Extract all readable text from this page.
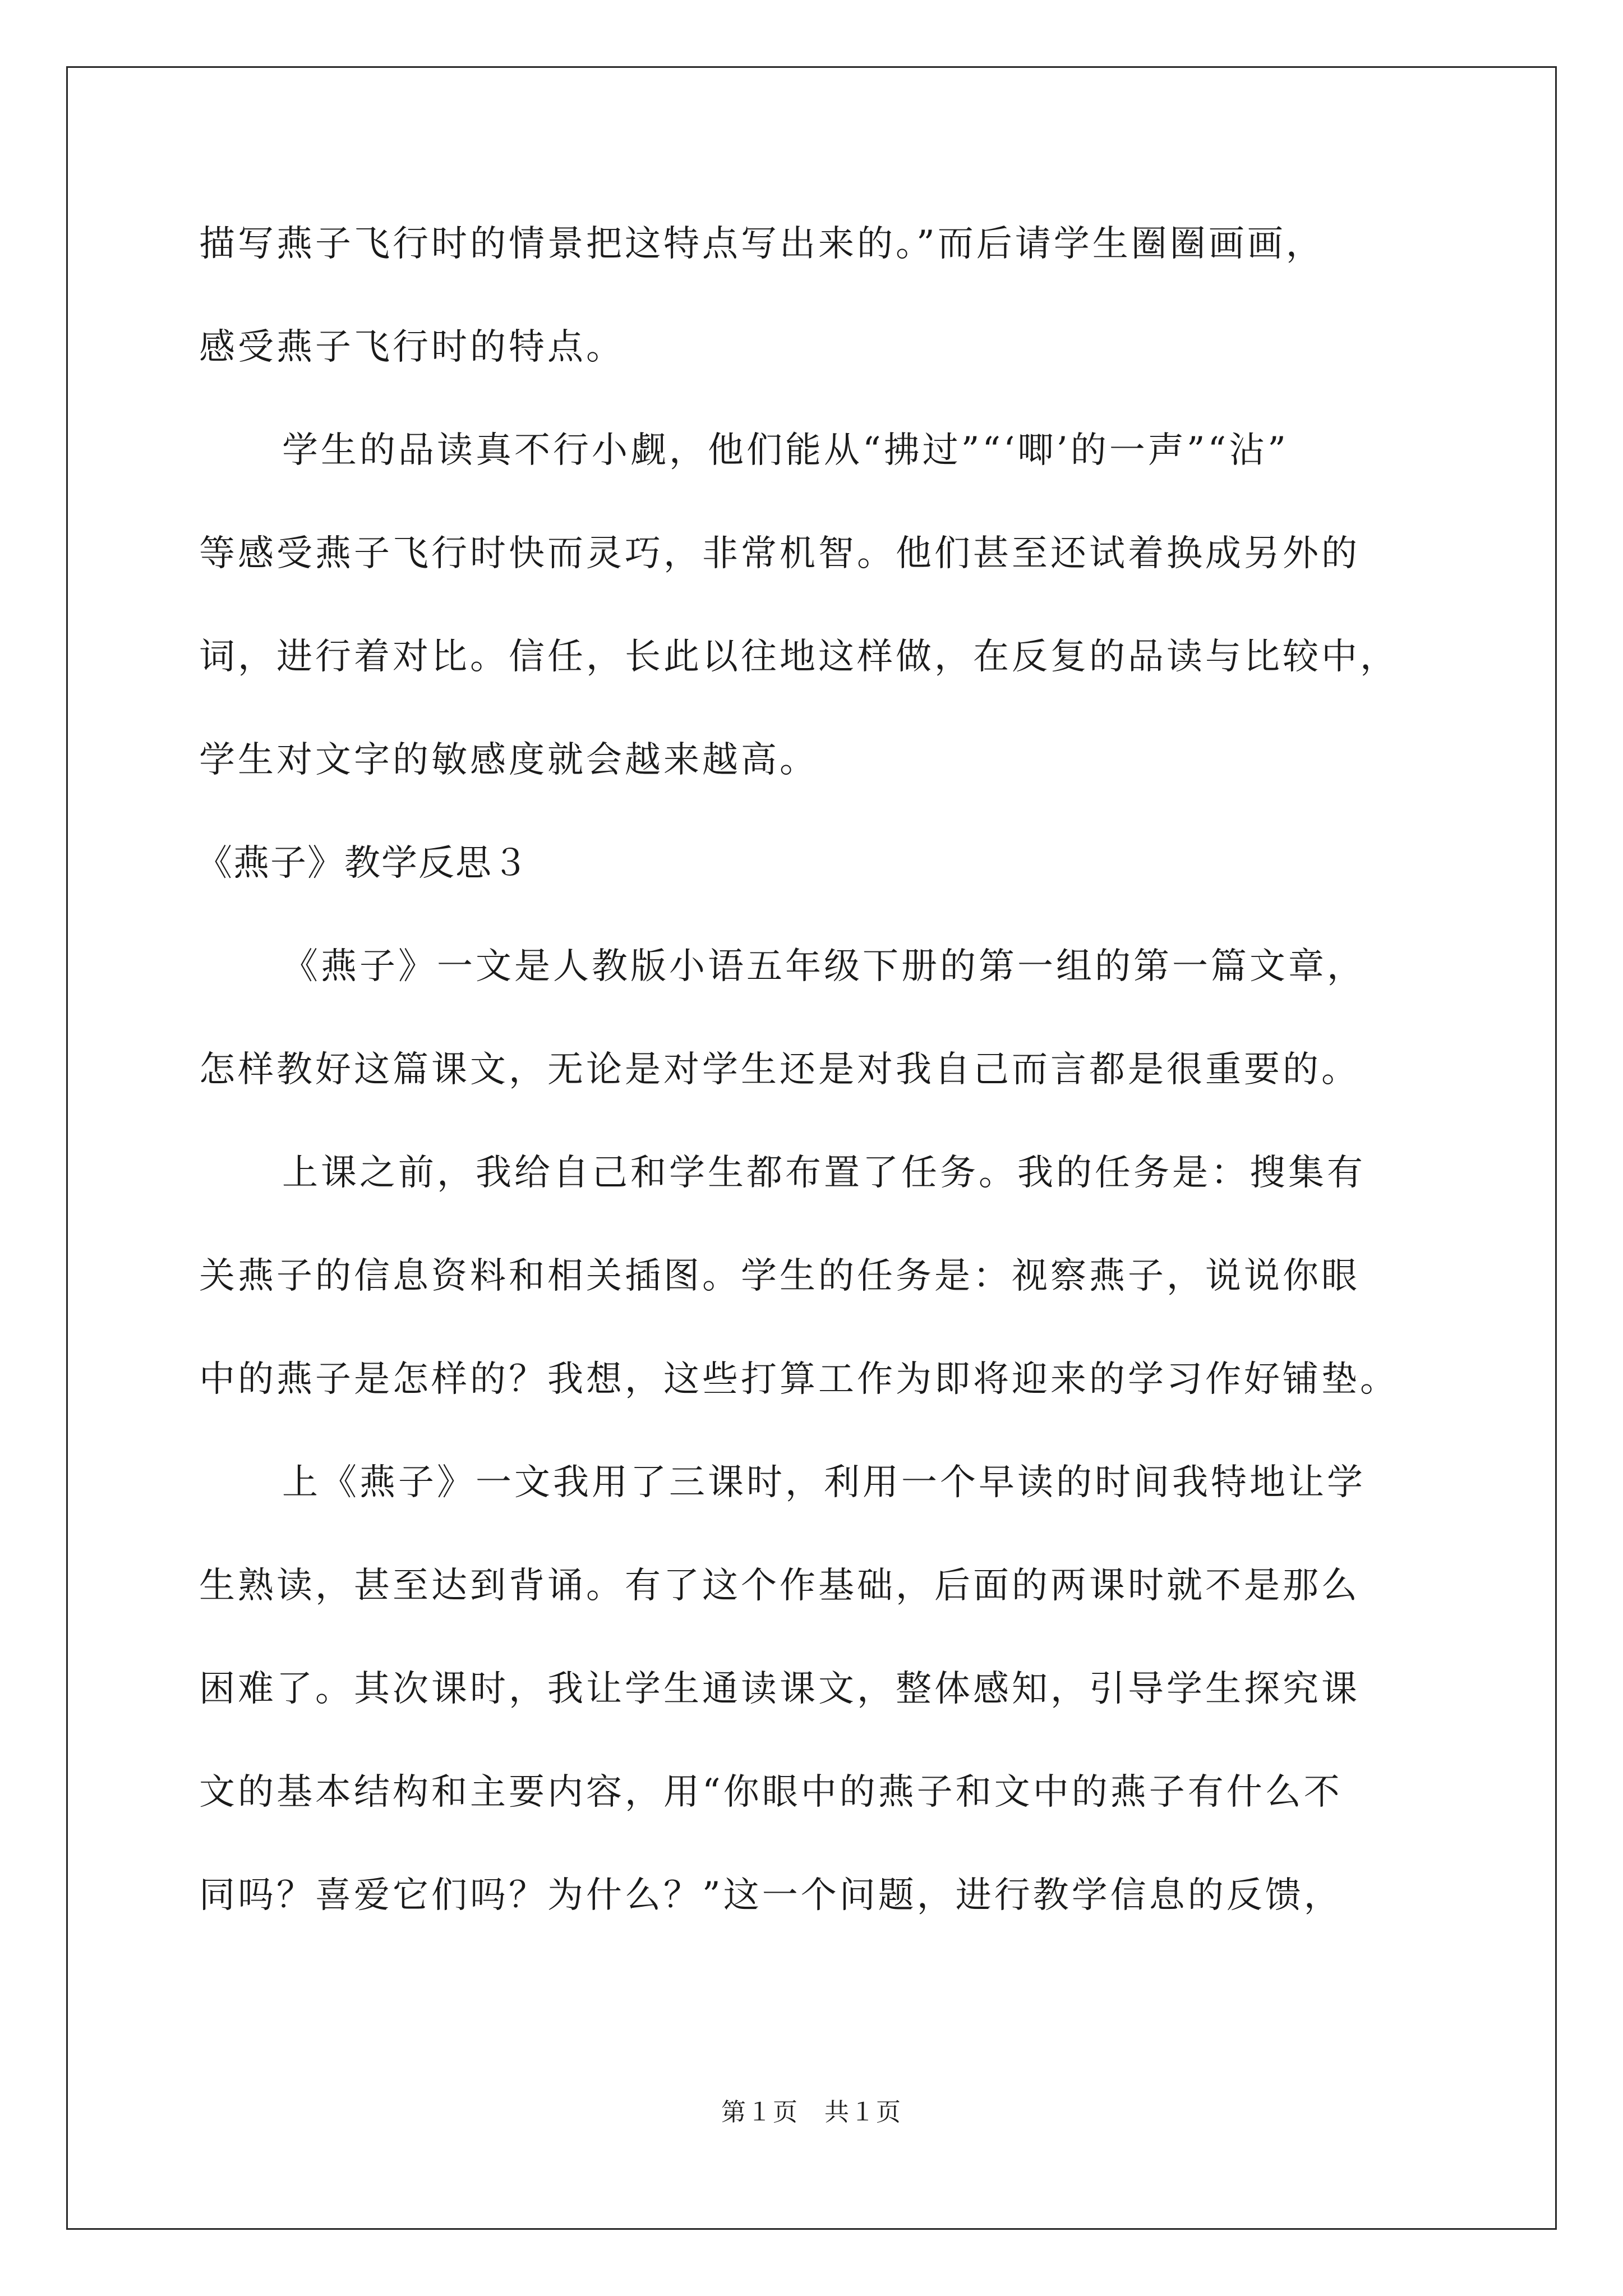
描写燕子飞行时的情景把这特点写出来的。”而后请学生圈圈画画，
感受燕子飞行时的特点。
学生的品读真不行小觑，他们能从“拂过”“‘唧’的一声”“沾”
等感受燕子飞行时快而灵巧，非常机智。他们甚至还试着换成另外的
词，进行着对比。信任，长此以往地这样做，在反复的品读与比较中，
学生对文字的敏感度就会越来越高。
《燕子》教学反思３
《燕子》一文是人教版小语五年级下册的第一组的第一篇文章，
怎样教好这篇课文，无论是对学生还是对我自己而言都是很重要的。
上课之前，我给自己和学生都布置了任务。我的任务是：搜集有
关燕子的信息资料和相关插图。学生的任务是：视察燕子，说说你眼
中的燕子是怎样的？我想，这些打算工作为即将迎来的学习作好铺垫。
上《燕子》一文我用了三课时，利用一个早读的时间我特地让学
生熟读，甚至达到背诵。有了这个作基础，后面的两课时就不是那么
困难了。其次课时，我让学生通读课文，整体感知，引导学生探究课
文的基本结构和主要内容，用“你眼中的燕子和文中的燕子有什么不
同吗？喜爱它们吗？为什么？”这一个问题，进行教学信息的反馈，
第１页　共１页
